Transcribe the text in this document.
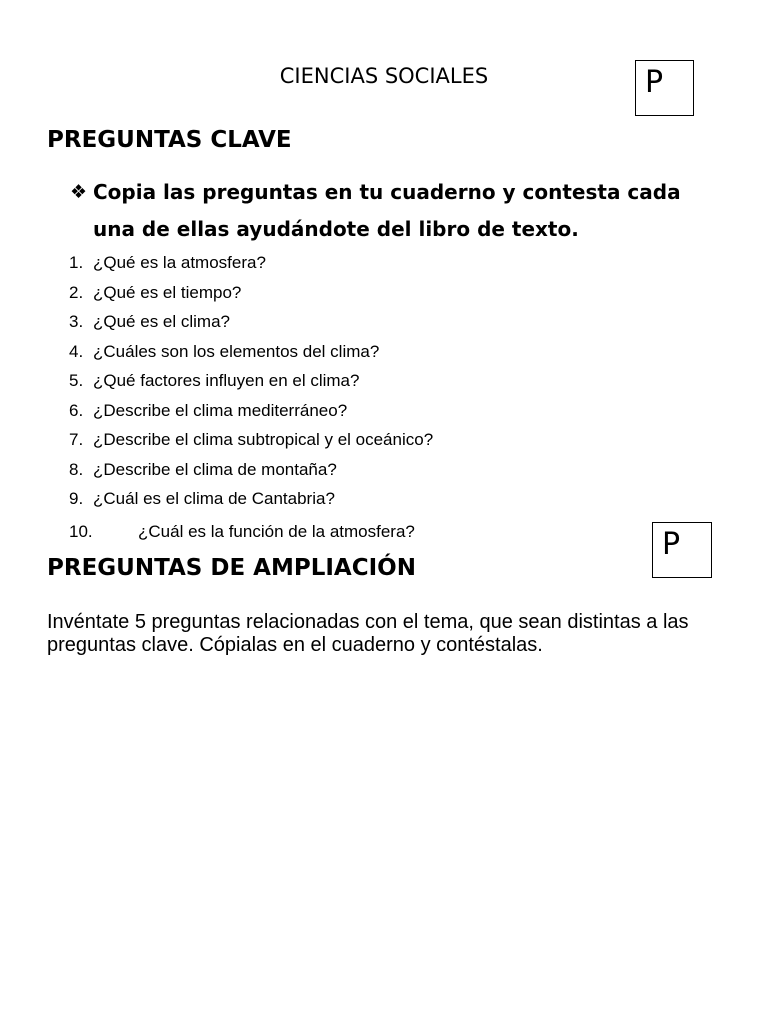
CIENCIAS SOCIALES	P
PREGUNTAS CLAVE
❖ Copia las preguntas en tu cuaderno y contesta cada una de ellas ayudándote del libro de texto.
1. ¿Qué es la atmosfera?
2. ¿Qué es el tiempo?
3. ¿Qué es el clima?
4. ¿Cuáles son los elementos del clima?
5. ¿Qué factores influyen en el clima?
6. ¿Describe el clima mediterráneo?
7. ¿Describe el clima subtropical y el oceánico?
8. ¿Describe el clima de montaña?
9. ¿Cuál es el clima de Cantabria?
10.	¿Cuál es la función de la atmosfera?	P
PREGUNTAS DE AMPLIACIÓN

Invéntate 5 preguntas relacionadas con el tema, que sean distintas a las preguntas clave. Cópialas en el cuaderno y contéstalas.
